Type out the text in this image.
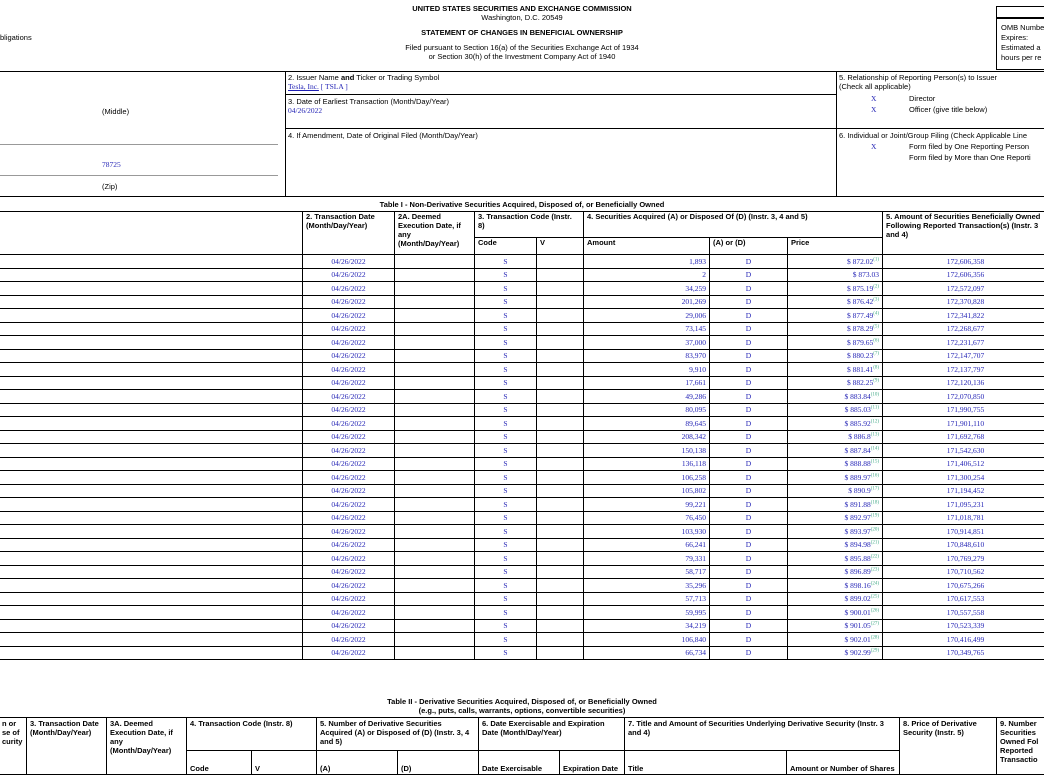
UNITED STATES SECURITIES AND EXCHANGE COMMISSION
Washington, D.C. 20549
STATEMENT OF CHANGES IN BENEFICIAL OWNERSHIP
Filed pursuant to Section 16(a) of the Securities Exchange Act of 1934
or Section 30(h) of the Investment Company Act of 1940
bligations
OMB Numbe
Expires:
Estimated a
hours per re
(Middle)
78725
(Zip)
2. Issuer Name and Ticker or Trading Symbol
Tesla, Inc. [ TSLA ]
3. Date of Earliest Transaction (Month/Day/Year)
04/26/2022
4. If Amendment, Date of Original Filed (Month/Day/Year)
5. Relationship of Reporting Person(s) to Issuer
(Check all applicable)
X	Director
X	Officer (give title below)
6. Individual or Joint/Group Filing (Check Applicable Line
X	Form filed by One Reporting Person
Form filed by More than One Reporti
Table I - Non-Derivative Securities Acquired, Disposed of, or Beneficially Owned
	2. Transaction Date (Month/Day/Year)	2A. Deemed Execution Date, if any (Month/Day/Year)	3. Transaction Code (Instr. 8)		4. Securities Acquired (A) or Disposed Of (D) (Instr. 3, 4 and 5)			5. Amount of Securities Beneficially Owned Following Reported Transaction(s) (Instr. 3 and 4)
			Code	V	Amount	(A) or (D)	Price	
	04/26/2022		S		1,893	D	$ 872.02$^{(1)}$	172,606,358
	04/26/2022		S		2	D	$ 873.03	172,606,356
	04/26/2022		S		34,259	D	$ 875.19$^{(2)}$	172,572,097
	04/26/2022		S		201,269	D	$ 876.42$^{(3)}$	172,370,828
	04/26/2022		S		29,006	D	$ 877.49$^{(4)}$	172,341,822
	04/26/2022		S		73,145	D	$ 878.29$^{(5)}$	172,268,677
	04/26/2022		S		37,000	D	$ 879.65$^{(6)}$	172,231,677
	04/26/2022		S		83,970	D	$ 880.23$^{(7)}$	172,147,707
	04/26/2022		S		9,910	D	$ 881.41$^{(8)}$	172,137,797
	04/26/2022		S		17,661	D	$ 882.25$^{(9)}$	172,120,136
	04/26/2022		S		49,286	D	$ 883.84$^{(10)}$	172,070,850
	04/26/2022		S		80,095	D	$ 885.03$^{(11)}$	171,990,755
	04/26/2022		S		89,645	D	$ 885.92$^{(12)}$	171,901,110
	04/26/2022		S		208,342	D	$ 886.8$^{(13)}$	171,692,768
	04/26/2022		S		150,138	D	$ 887.84$^{(14)}$	171,542,630
	04/26/2022		S		136,118	D	$ 888.88$^{(15)}$	171,406,512
	04/26/2022		S		106,258	D	$ 889.97$^{(16)}$	171,300,254
	04/26/2022		S		105,802	D	$ 890.9$^{(17)}$	171,194,452
	04/26/2022		S		99,221	D	$ 891.88$^{(18)}$	171,095,231
	04/26/2022		S		76,450	D	$ 892.97$^{(19)}$	171,018,781
	04/26/2022		S		103,930	D	$ 893.97$^{(20)}$	170,914,851
	04/26/2022		S		66,241	D	$ 894.98$^{(21)}$	170,848,610
	04/26/2022		S		79,331	D	$ 895.88$^{(22)}$	170,769,279
	04/26/2022		S		58,717	D	$ 896.89$^{(23)}$	170,710,562
	04/26/2022		S		35,296	D	$ 898.16$^{(24)}$	170,675,266
	04/26/2022		S		57,713	D	$ 899.02$^{(25)}$	170,617,553
	04/26/2022		S		59,995	D	$ 900.01$^{(26)}$	170,557,558
	04/26/2022		S		34,219	D	$ 901.05$^{(27)}$	170,523,339
	04/26/2022		S		106,840	D	$ 902.01$^{(28)}$	170,416,499
	04/26/2022		S		66,734	D	$ 902.99$^{(29)}$	170,349,765
Table II - Derivative Securities Acquired, Disposed of, or Beneficially Owned
(e.g., puts, calls, warrants, options, convertible securities)
n or se of curity	3. Transaction Date (Month/Day/Year)	3A. Deemed Execution Date, if any (Month/Day/Year)	4. Transaction Code (Instr. 8)		5. Number of Derivative Securities Acquired (A) or Disposed of (D) (Instr. 3, 4 and 5)		6. Date Exercisable and Expiration Date (Month/Day/Year)		7. Title and Amount of Securities Underlying Derivative Security (Instr. 3 and 4)		8. Price of Derivative Security (Instr. 5)	9. Number Securities Owned Fol Reported Transactio
			Code	V	(A)	(D)	Date Exercisable	Expiration Date	Title	Amount or Number of Shares		
